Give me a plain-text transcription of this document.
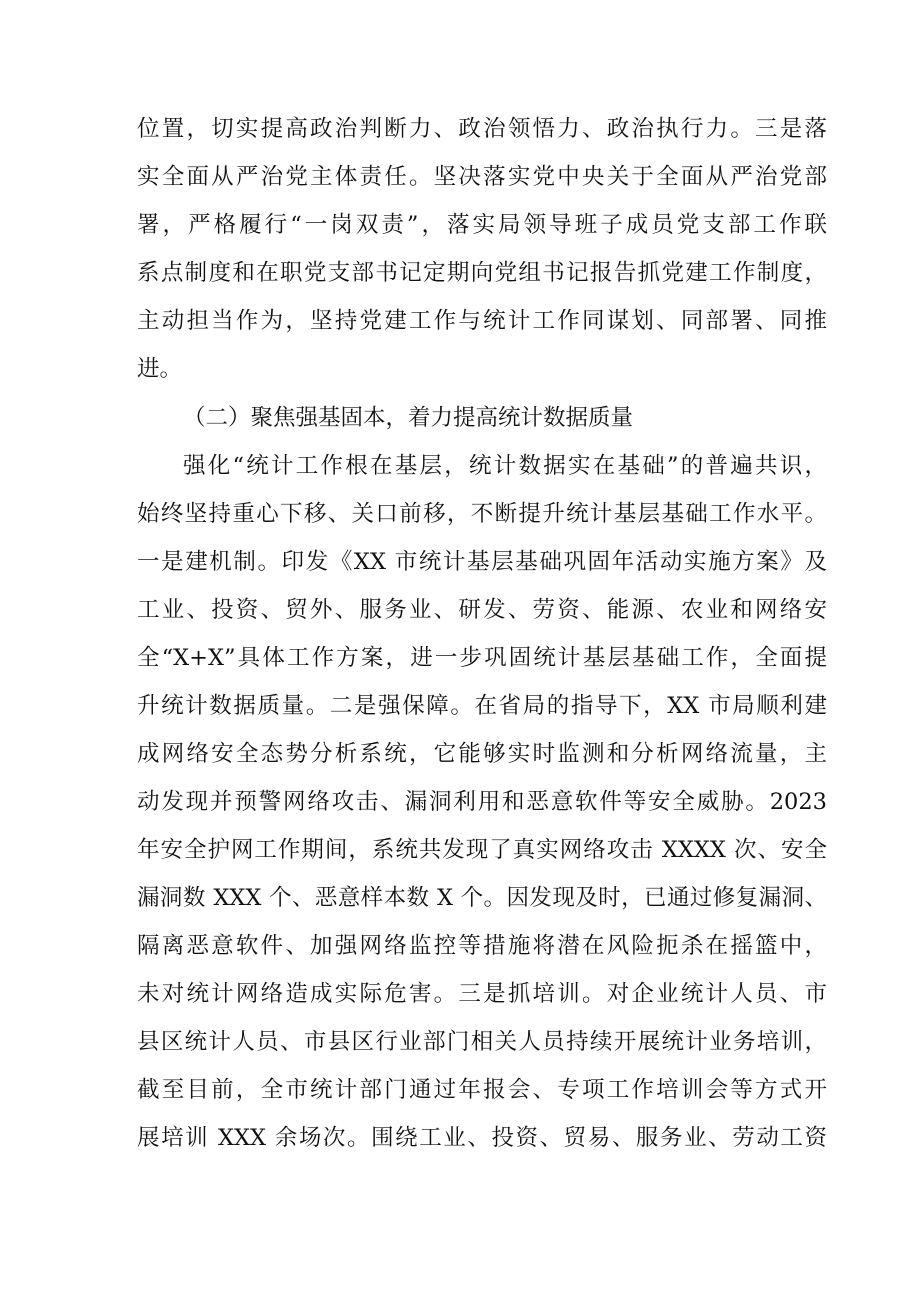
位置，切实提高政治判断力、政治领悟力、政治执行力。三是落
实全面从严治党主体责任。坚决落实党中央关于全面从严治党部
署，严格履行“一岗双责”，落实局领导班子成员党支部工作联
系点制度和在职党支部书记定期向党组书记报告抓党建工作制度，
主动担当作为，坚持党建工作与统计工作同谋划、同部署、同推
进。
（二）聚焦强基固本，着力提高统计数据质量
强化“统计工作根在基层，统计数据实在基础”的普遍共识，
始终坚持重心下移、关口前移，不断提升统计基层基础工作水平。
一是建机制。印发《XX 市统计基层基础巩固年活动实施方案》及
工业、投资、贸外、服务业、研发、劳资、能源、农业和网络安
全“X+X”具体工作方案，进一步巩固统计基层基础工作，全面提
升统计数据质量。二是强保障。在省局的指导下，XX 市局顺利建
成网络安全态势分析系统，它能够实时监测和分析网络流量，主
动发现并预警网络攻击、漏洞利用和恶意软件等安全威胁。2023
年安全护网工作期间，系统共发现了真实网络攻击 XXXX 次、安全
漏洞数 XXX 个、恶意样本数 X 个。因发现及时，已通过修复漏洞、
隔离恶意软件、加强网络监控等措施将潜在风险扼杀在摇篮中，
未对统计网络造成实际危害。三是抓培训。对企业统计人员、市
县区统计人员、市县区行业部门相关人员持续开展统计业务培训，
截至目前，全市统计部门通过年报会、专项工作培训会等方式开
展培训 XXX 余场次。围绕工业、投资、贸易、服务业、劳动工资
